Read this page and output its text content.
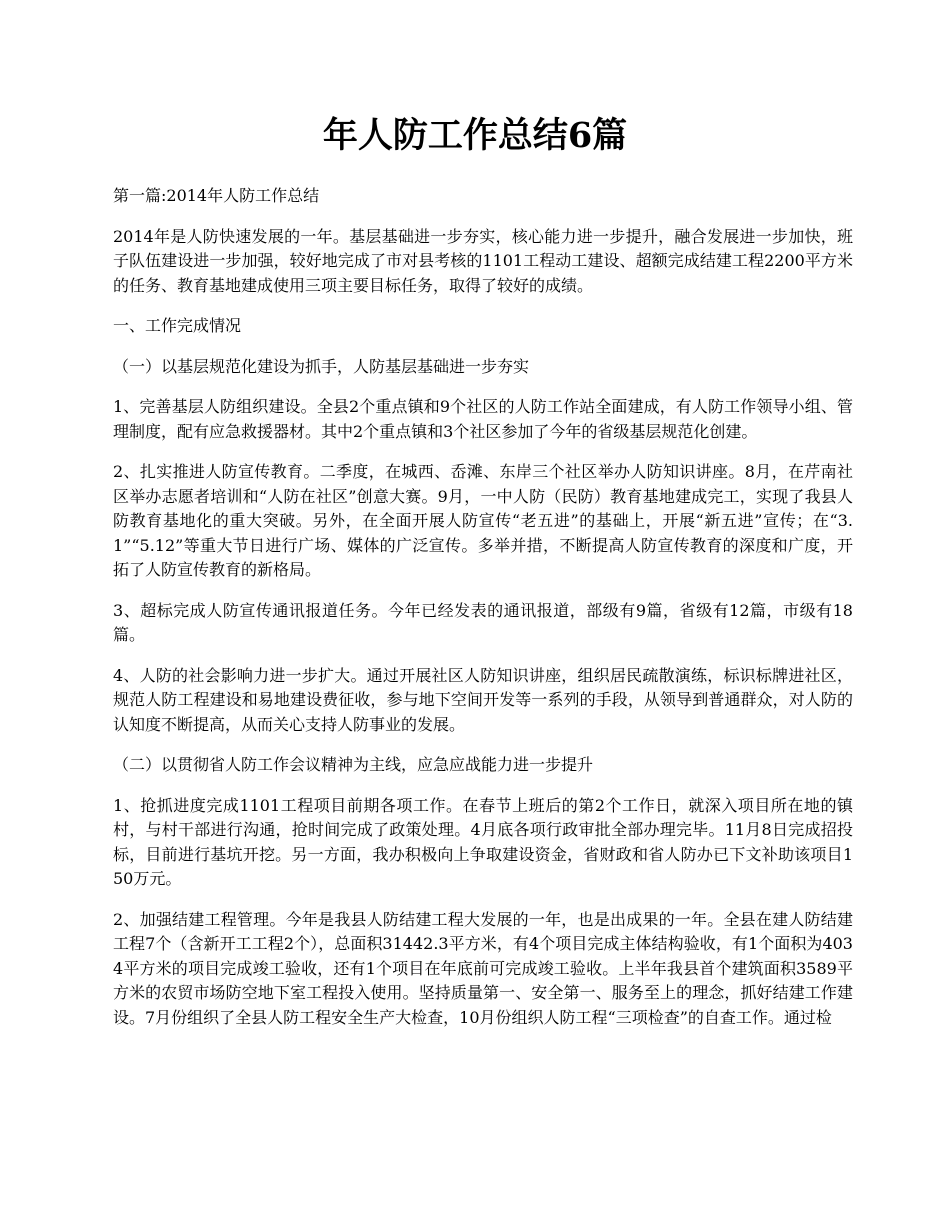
年人防工作总结6篇

第一篇:2014年人防工作总结

2014年是人防快速发展的一年。基层基础进一步夯实，核心能力进一步提升，融合发展进一步加快，班子队伍建设进一步加强，较好地完成了市对县考核的1101工程动工建设、超额完成结建工程2200平方米的任务、教育基地建成使用三项主要目标任务，取得了较好的成绩。

一、工作完成情况

（一）以基层规范化建设为抓手，人防基层基础进一步夯实

1、完善基层人防组织建设。全县2个重点镇和9个社区的人防工作站全面建成，有人防工作领导小组、管理制度，配有应急救援器材。其中2个重点镇和3个社区参加了今年的省级基层规范化创建。

2、扎实推进人防宣传教育。二季度，在城西、岙滩、东岸三个社区举办人防知识讲座。8月，在芹南社区举办志愿者培训和“人防在社区”创意大赛。9月，一中人防（民防）教育基地建成完工，实现了我县人防教育基地化的重大突破。另外，在全面开展人防宣传“老五进”的基础上，开展“新五进”宣传；在“3.1”“5.12”等重大节日进行广场、媒体的广泛宣传。多举并措，不断提高人防宣传教育的深度和广度，开拓了人防宣传教育的新格局。

3、超标完成人防宣传通讯报道任务。今年已经发表的通讯报道，部级有9篇，省级有12篇，市级有18篇。

4、人防的社会影响力进一步扩大。通过开展社区人防知识讲座，组织居民疏散演练，标识标牌进社区，规范人防工程建设和易地建设费征收，参与地下空间开发等一系列的手段，从领导到普通群众，对人防的认知度不断提高，从而关心支持人防事业的发展。

（二）以贯彻省人防工作会议精神为主线，应急应战能力进一步提升

1、抢抓进度完成1101工程项目前期各项工作。在春节上班后的第2个工作日，就深入项目所在地的镇村，与村干部进行沟通，抢时间完成了政策处理。4月底各项行政审批全部办理完毕。11月8日完成招投标，目前进行基坑开挖。另一方面，我办积极向上争取建设资金，省财政和省人防办已下文补助该项目150万元。

2、加强结建工程管理。今年是我县人防结建工程大发展的一年，也是出成果的一年。全县在建人防结建工程7个（含新开工工程2个），总面积31442.3平方米，有4个项目完成主体结构验收，有1个面积为4034平方米的项目完成竣工验收，还有1个项目在年底前可完成竣工验收。上半年我县首个建筑面积3589平方米的农贸市场防空地下室工程投入使用。坚持质量第一、安全第一、服务至上的理念，抓好结建工作建设。7月份组织了全县人防工程安全生产大检查，10月份组织人防工程“三项检查”的自查工作。通过检
